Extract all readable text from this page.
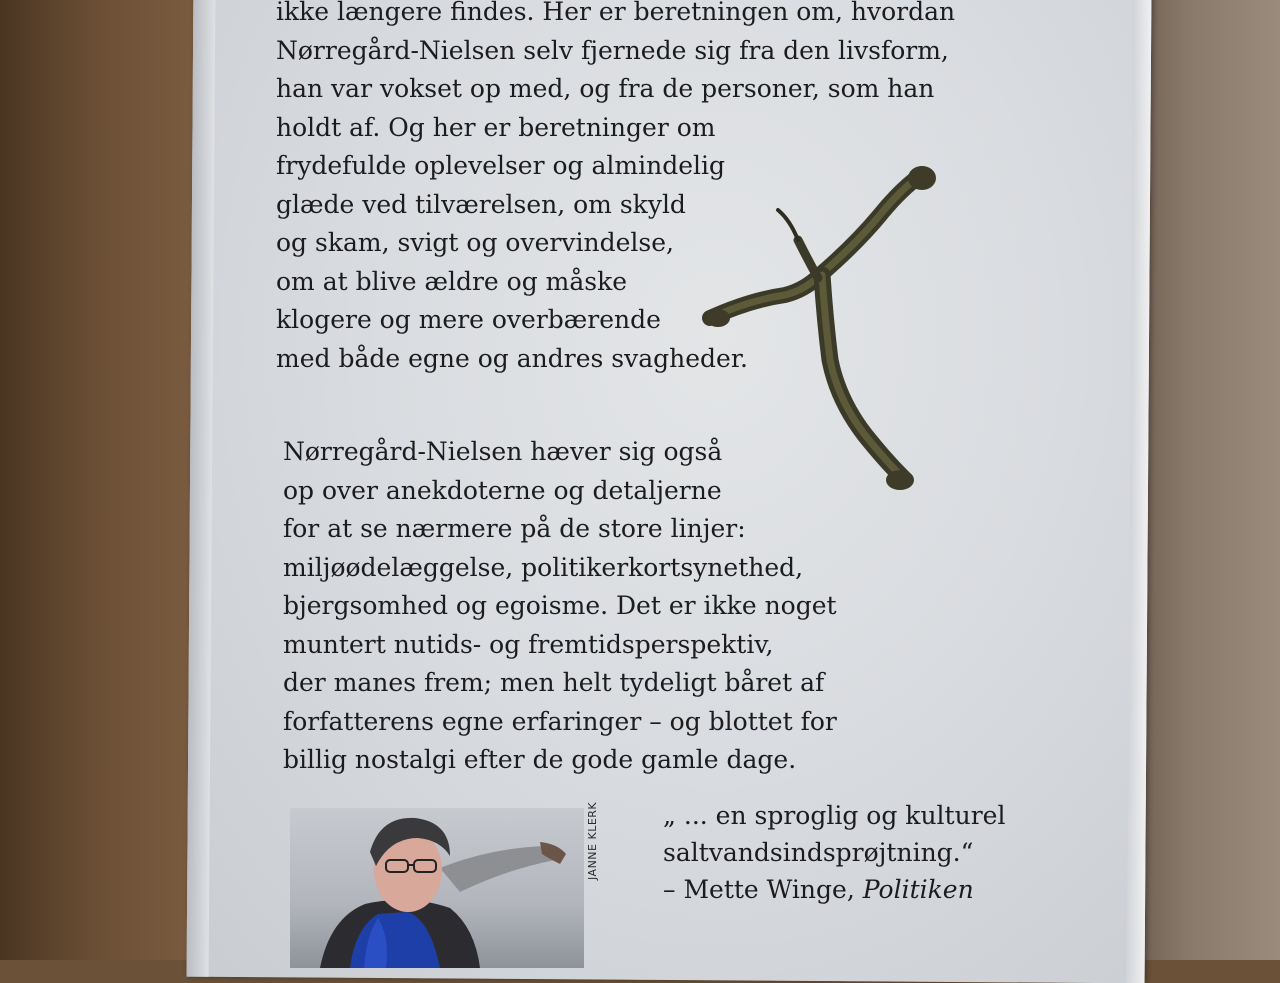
ikke længere findes. Her er beretningen om, hvordan
Nørregård-Nielsen selv fjernede sig fra den livsform,
han var vokset op med, og fra de personer, som han
holdt af. Og her er beretninger om
frydefulde oplevelser og almindelig
glæde ved tilværelsen, om skyld
og skam, svigt og overvindelse,
om at blive ældre og måske
klogere og mere overbærende
med både egne og andres svagheder.
Nørregård-Nielsen hæver sig også
op over anekdoterne og detaljerne
for at se nærmere på de store linjer:
miljøødelæggelse, politikerkortsynethed,
bjergsomhed og egoisme. Det er ikke noget
muntert nutids- og fremtidsperspektiv,
der manes frem; men helt tydeligt båret af
forfatterens egne erfaringer – og blottet for
billig nostalgi efter de gode gamle dage.
JANNE KLERK	„ ... en sproglig og kulturel
saltvandsindsprøjtning.“
– Mette Winge, Politiken
